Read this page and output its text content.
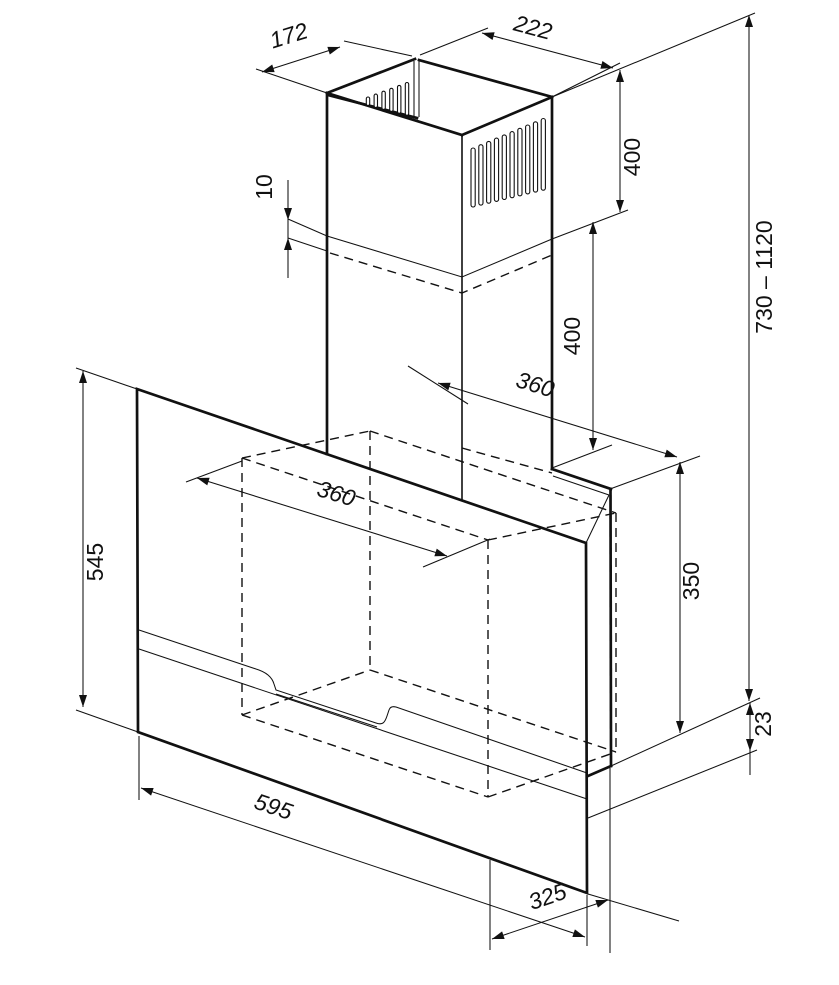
172	222
730 – 1120
400
10
400
360
360
545	350
23
595
325
